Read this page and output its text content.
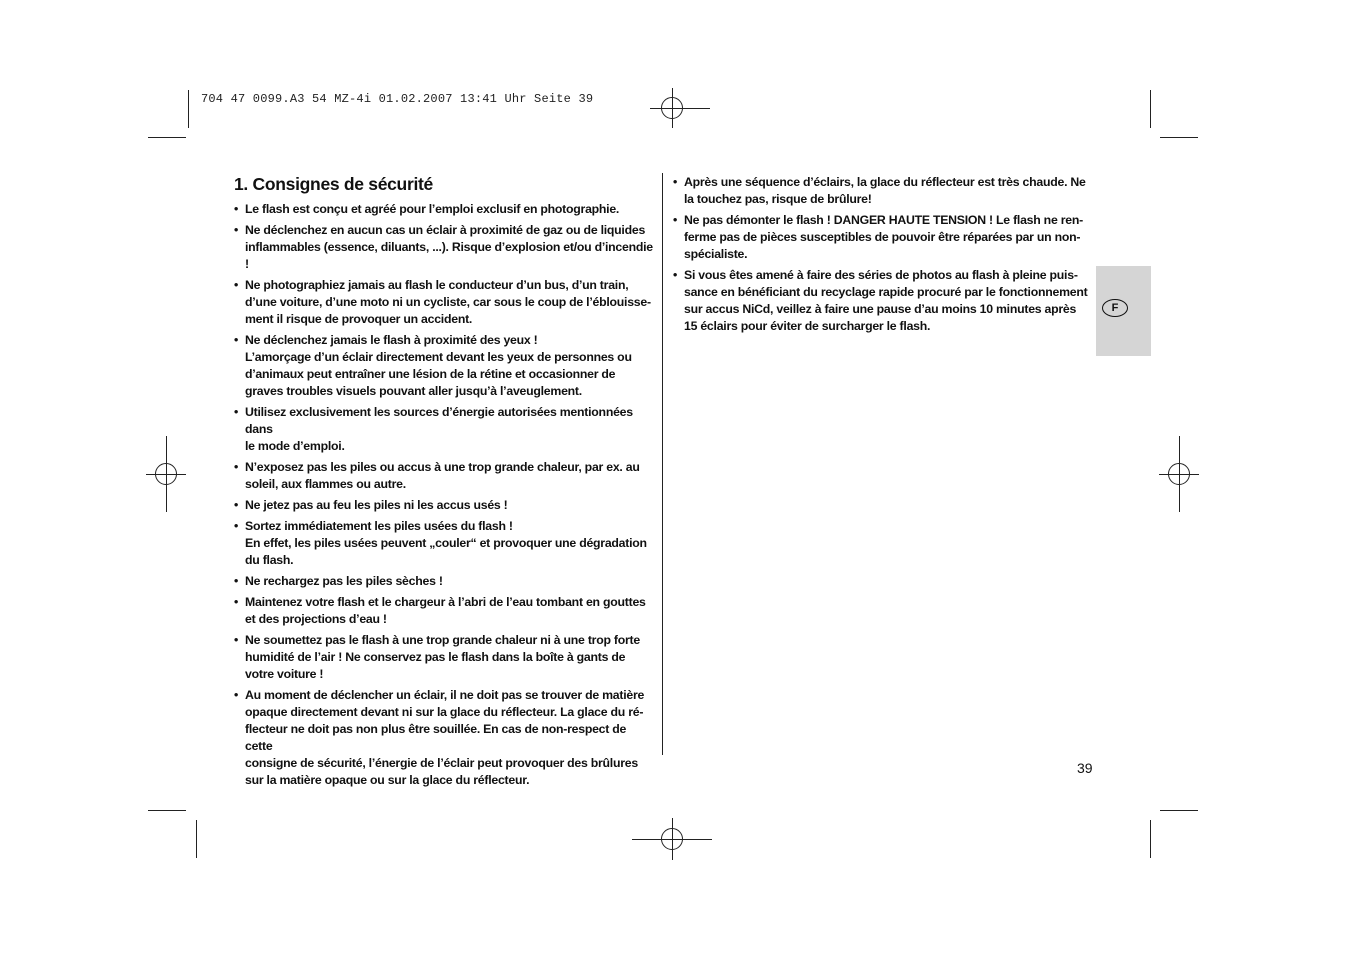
704 47 0099.A3 54 MZ-4i 01.02.2007 13:41 Uhr Seite 39
1. Consignes de sécurité
• Le flash est conçu et agréé pour l’emploi exclusif en photographie.
• Ne déclenchez en aucun cas un éclair à proximité de gaz ou de liquides
inflammables (essence, diluants, ...). Risque d’explosion et/ou d’incendie !
• Ne photographiez jamais au flash le conducteur d’un bus, d’un train,
d’une voiture, d’une moto ni un cycliste, car sous le coup de l’éblouisse-
ment il risque de provoquer un accident.
• Ne déclenchez jamais le flash à proximité des yeux !
L’amorçage d’un éclair directement devant les yeux de personnes ou
d’animaux peut entraîner une lésion de la rétine et occasionner de
graves troubles visuels pouvant aller jusqu’à l’aveuglement.
• Utilisez exclusivement les sources d’énergie autorisées mentionnées dans
le mode d’emploi.
• N’exposez pas les piles ou accus à une trop grande chaleur, par ex. au
soleil, aux flammes ou autre.
• Ne jetez pas au feu les piles ni les accus usés !
• Sortez immédiatement les piles usées du flash !
En effet, les piles usées peuvent „couler“ et provoquer une dégradation
du flash.
• Ne rechargez pas les piles sèches !
• Maintenez votre flash et le chargeur à l’abri de l’eau tombant en gouttes
et des projections d’eau !
• Ne soumettez pas le flash à une trop grande chaleur ni à une trop forte
humidité de l’air ! Ne conservez pas le flash dans la boîte à gants de
votre voiture !
• Au moment de déclencher un éclair, il ne doit pas se trouver de matière
opaque directement devant ni sur la glace du réflecteur. La glace du ré-
flecteur ne doit pas non plus être souillée. En cas de non-respect de cette
consigne de sécurité, l’énergie de l’éclair peut provoquer des brûlures
sur la matière opaque ou sur la glace du réflecteur.
• Après une séquence d’éclairs, la glace du réflecteur est très chaude. Ne
la touchez pas, risque de brûlure!
• Ne pas démonter le flash ! DANGER HAUTE TENSION ! Le flash ne ren-
ferme pas de pièces susceptibles de pouvoir être réparées par un non-
spécialiste.
• Si vous êtes amené à faire des séries de photos au flash à pleine puis-
sance en bénéficiant du recyclage rapide procuré par le fonctionnement
sur accus NiCd, veillez à faire une pause d’au moins 10 minutes après
15 éclairs pour éviter de surcharger le flash.
F
39
